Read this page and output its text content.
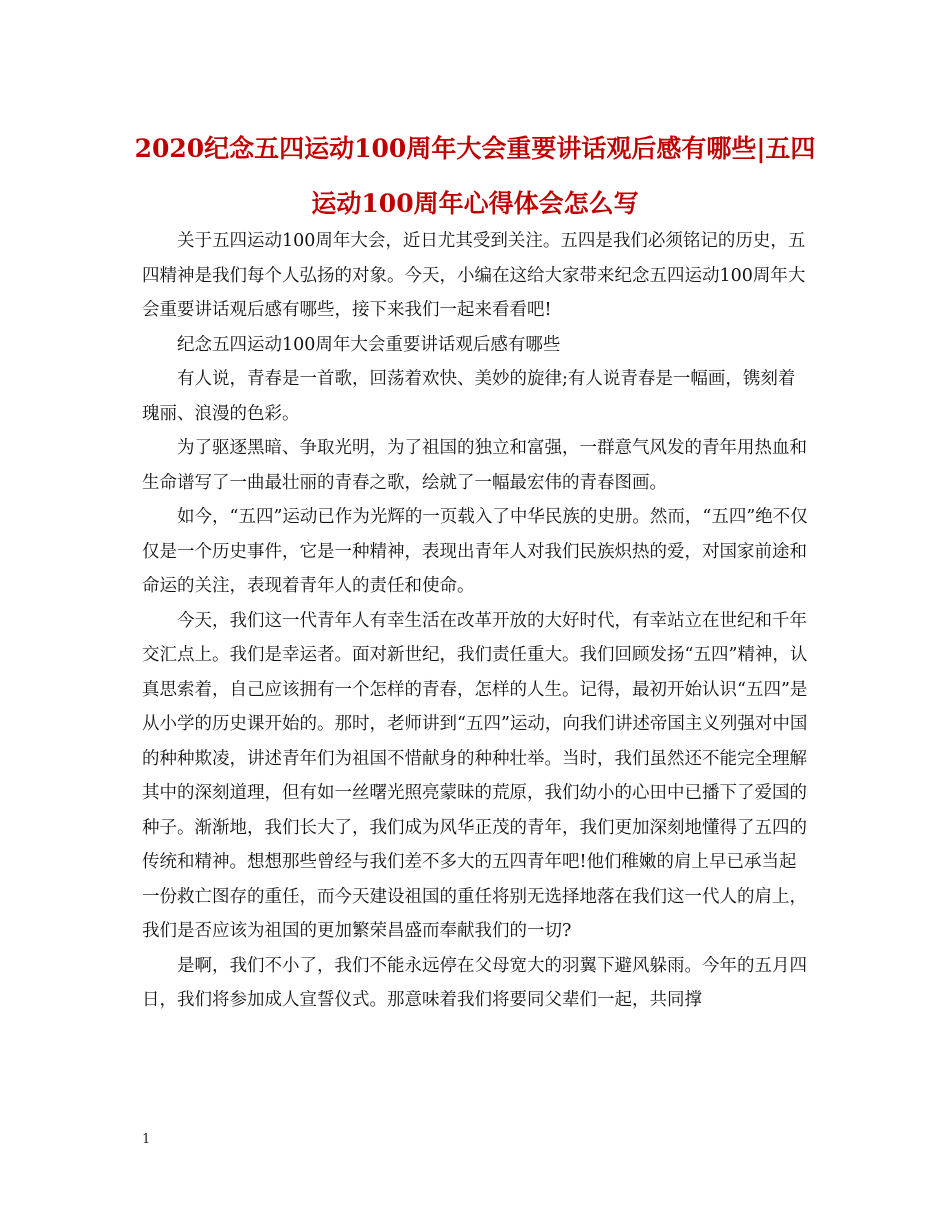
2020纪念五四运动100周年大会重要讲话观后感有哪些|五四
运动100周年心得体会怎么写

关于五四运动100周年大会，近日尤其受到关注。五四是我们必须铭记的历史，五四精神是我们每个人弘扬的对象。今天，小编在这给大家带来纪念五四运动100周年大会重要讲话观后感有哪些，接下来我们一起来看看吧!

纪念五四运动100周年大会重要讲话观后感有哪些

有人说，青春是一首歌，回荡着欢快、美妙的旋律;有人说青春是一幅画，镌刻着瑰丽、浪漫的色彩。

为了驱逐黑暗、争取光明，为了祖国的独立和富强，一群意气风发的青年用热血和生命谱写了一曲最壮丽的青春之歌，绘就了一幅最宏伟的青春图画。

如今，“五四”运动已作为光辉的一页载入了中华民族的史册。然而，“五四”绝不仅仅是一个历史事件，它是一种精神，表现出青年人对我们民族炽热的爱，对国家前途和命运的关注，表现着青年人的责任和使命。

今天，我们这一代青年人有幸生活在改革开放的大好时代，有幸站立在世纪和千年交汇点上。我们是幸运者。面对新世纪，我们责任重大。我们回顾发扬“五四”精神，认真思索着，自己应该拥有一个怎样的青春，怎样的人生。记得，最初开始认识“五四”是从小学的历史课开始的。那时，老师讲到“五四”运动，向我们讲述帝国主义列强对中国的种种欺凌，讲述青年们为祖国不惜献身的种种壮举。当时，我们虽然还不能完全理解其中的深刻道理，但有如一丝曙光照亮蒙昧的荒原，我们幼小的心田中已播下了爱国的种子。渐渐地，我们长大了，我们成为风华正茂的青年，我们更加深刻地懂得了五四的传统和精神。想想那些曾经与我们差不多大的五四青年吧!他们稚嫩的肩上早已承当起一份救亡图存的重任，而今天建设祖国的重任将别无选择地落在我们这一代人的肩上，我们是否应该为祖国的更加繁荣昌盛而奉献我们的一切?

是啊，我们不小了，我们不能永远停在父母宽大的羽翼下避风躲雨。今年的五月四日，我们将参加成人宣誓仪式。那意味着我们将要同父辈们一起，共同撑

1
